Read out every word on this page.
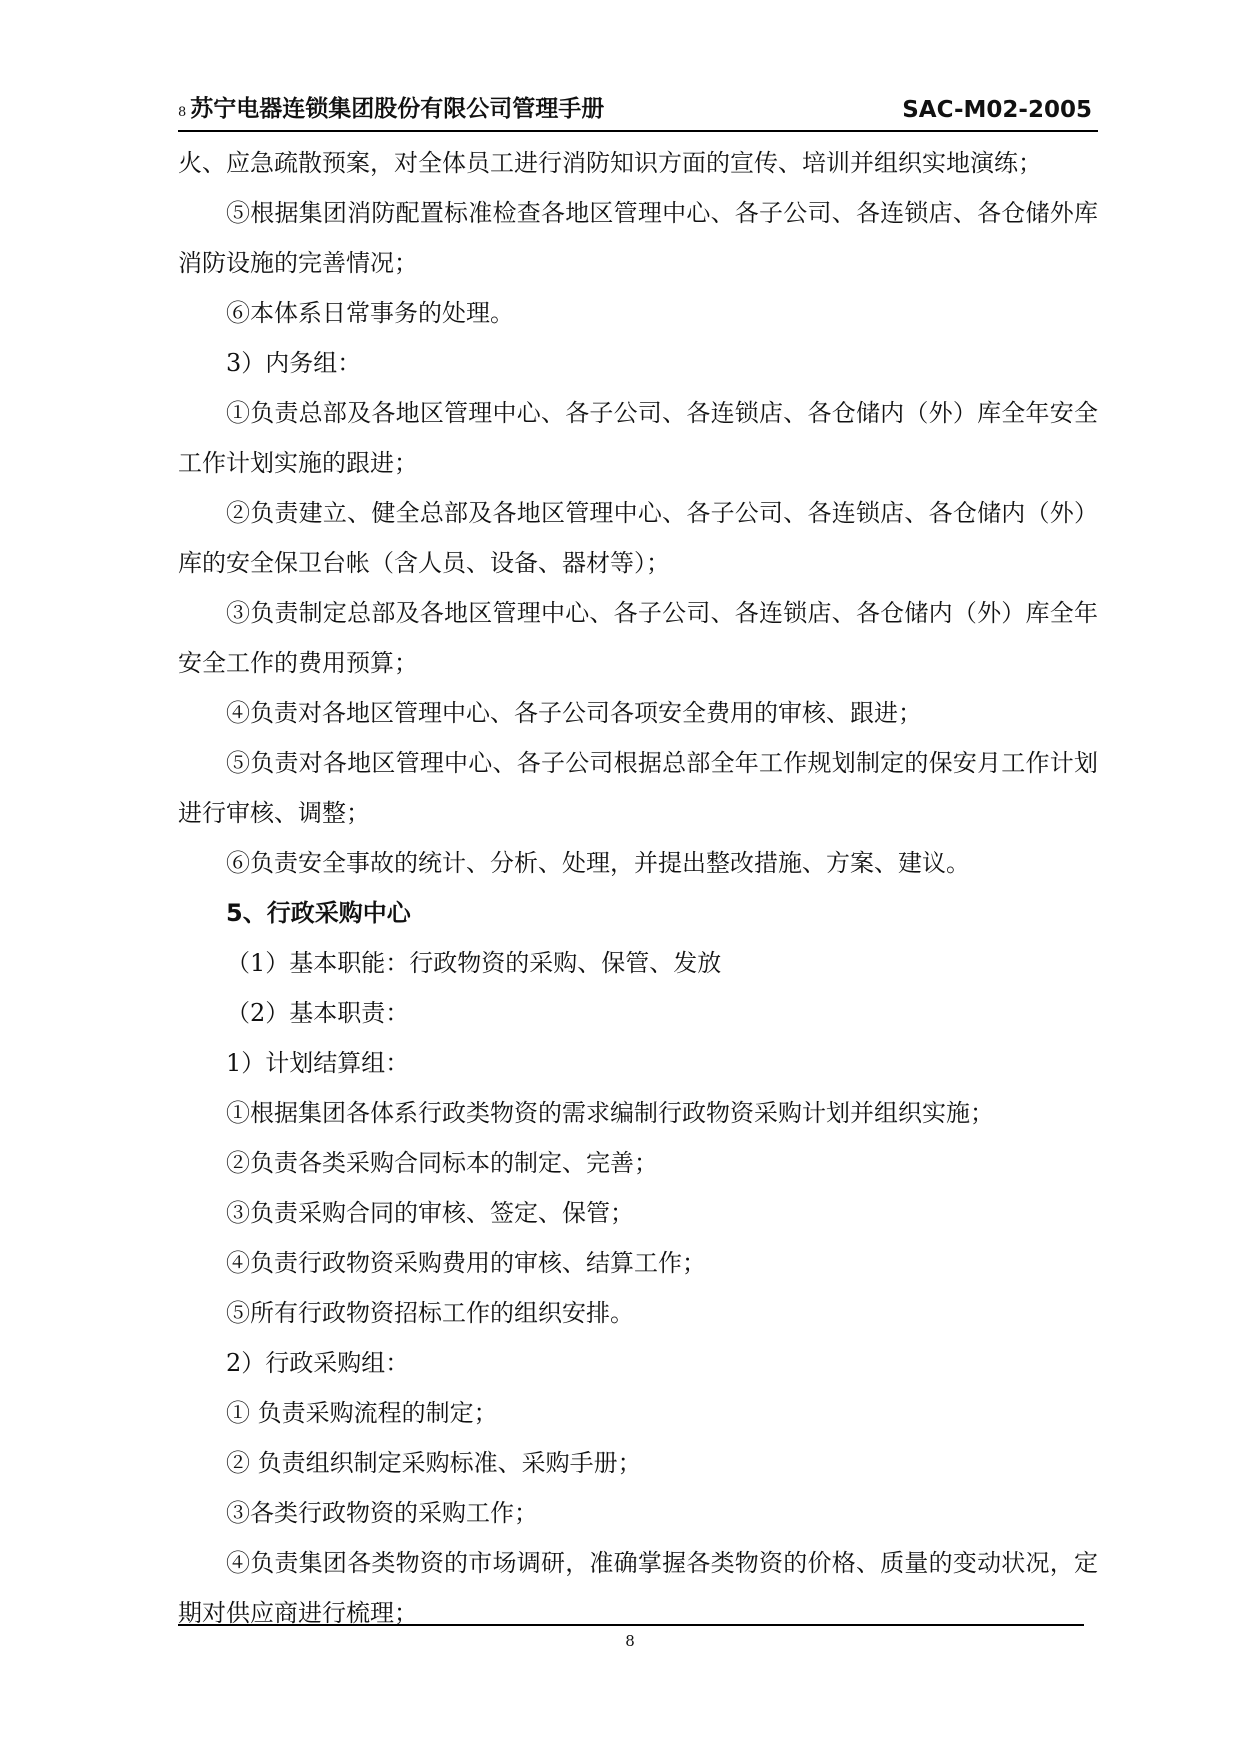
8 苏宁电器连锁集团股份有限公司管理手册	SAC-M02-2005

火、应急疏散预案，对全体员工进行消防知识方面的宣传、培训并组织实地演练；

⑤根据集团消防配置标准检查各地区管理中心、各子公司、各连锁店、各仓储外库消防设施的完善情况；

⑥本体系日常事务的处理。

3）内务组：

①负责总部及各地区管理中心、各子公司、各连锁店、各仓储内（外）库全年安全工作计划实施的跟进；

②负责建立、健全总部及各地区管理中心、各子公司、各连锁店、各仓储内（外）库的安全保卫台帐（含人员、设备、器材等）；

③负责制定总部及各地区管理中心、各子公司、各连锁店、各仓储内（外）库全年安全工作的费用预算；

④负责对各地区管理中心、各子公司各项安全费用的审核、跟进；

⑤负责对各地区管理中心、各子公司根据总部全年工作规划制定的保安月工作计划进行审核、调整；

⑥负责安全事故的统计、分析、处理，并提出整改措施、方案、建议。

5、行政采购中心

（1）基本职能：行政物资的采购、保管、发放

（2）基本职责：

1）计划结算组：

①根据集团各体系行政类物资的需求编制行政物资采购计划并组织实施；

②负责各类采购合同标本的制定、完善；

③负责采购合同的审核、签定、保管；

④负责行政物资采购费用的审核、结算工作；

⑤所有行政物资招标工作的组织安排。

2）行政采购组：

① 负责采购流程的制定；

② 负责组织制定采购标准、采购手册；

③各类行政物资的采购工作；

④负责集团各类物资的市场调研，准确掌握各类物资的价格、质量的变动状况，定期对供应商进行梳理；

8
